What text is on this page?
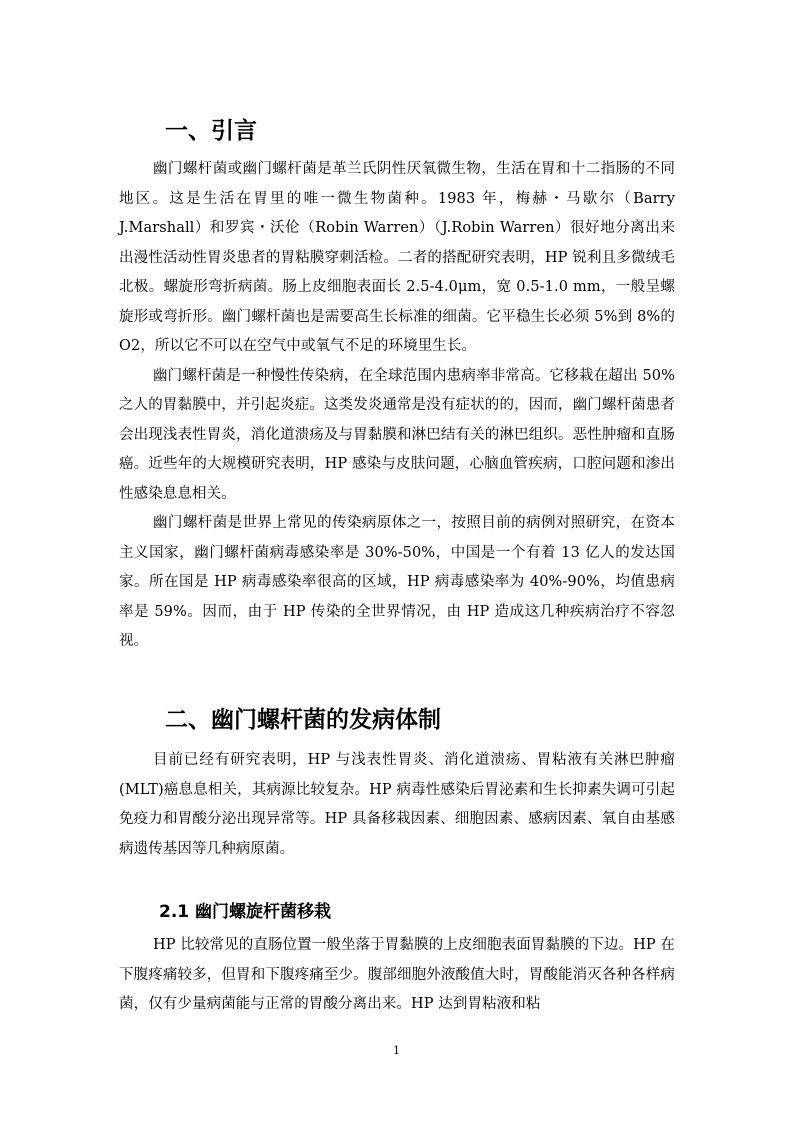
一、引言

幽门螺杆菌或幽门螺杆菌是革兰氏阴性厌氧微生物，生活在胃和十二指肠的不同地区。这是生活在胃里的唯一微生物菌种。1983 年，梅赫・马歇尔（Barry J.Marshall）和罗宾・沃伦（Robin Warren）（J.Robin Warren）很好地分离出来出漫性活动性胃炎患者的胃粘膜穿刺活检。二者的搭配研究表明，HP 锐利且多微绒毛北极。螺旋形弯折病菌。肠上皮细胞表面长 2.5-4.0μm，宽 0.5-1.0 mm，一般呈螺旋形或弯折形。幽门螺杆菌也是需要高生长标准的细菌。它平稳生长必须 5%到 8%的 O2，所以它不可以在空气中或氧气不足的环境里生长。

幽门螺杆菌是一种慢性传染病，在全球范围内患病率非常高。它移栽在超出 50%之人的胃黏膜中，并引起炎症。这类发炎通常是没有症状的的，因而，幽门螺杆菌患者会出现浅表性胃炎，消化道溃疡及与胃黏膜和淋巴结有关的淋巴组织。恶性肿瘤和直肠癌。近些年的大规模研究表明，HP 感染与皮肤问题，心脑血管疾病，口腔问题和渗出性感染息息相关。

幽门螺杆菌是世界上常见的传染病原体之一，按照目前的病例对照研究，在资本主义国家，幽门螺杆菌病毒感染率是 30%-50%，中国是一个有着 13 亿人的发达国家。所在国是 HP 病毒感染率很高的区域，HP 病毒感染率为 40%-90%，均值患病率是 59%。因而，由于 HP 传染的全世界情况，由 HP 造成这几种疾病治疗不容忽视。

二、幽门螺杆菌的发病体制

目前已经有研究表明，HP 与浅表性胃炎、消化道溃疡、胃粘液有关淋巴肿瘤(MLT)癌息息相关，其病源比较复杂。HP 病毒性感染后胃泌素和生长抑素失调可引起免疫力和胃酸分泌出现异常等。HP 具备移栽因素、细胞因素、感病因素、氧自由基感病遗传基因等几种病原菌。

2.1 幽门螺旋杆菌移栽

HP 比较常见的直肠位置一般坐落于胃黏膜的上皮细胞表面胃黏膜的下边。HP 在下腹疼痛较多，但胃和下腹疼痛至少。腹部细胞外液酸值大时，胃酸能消灭各种各样病菌，仅有少量病菌能与正常的胃酸分离出来。HP 达到胃粘液和粘

1
